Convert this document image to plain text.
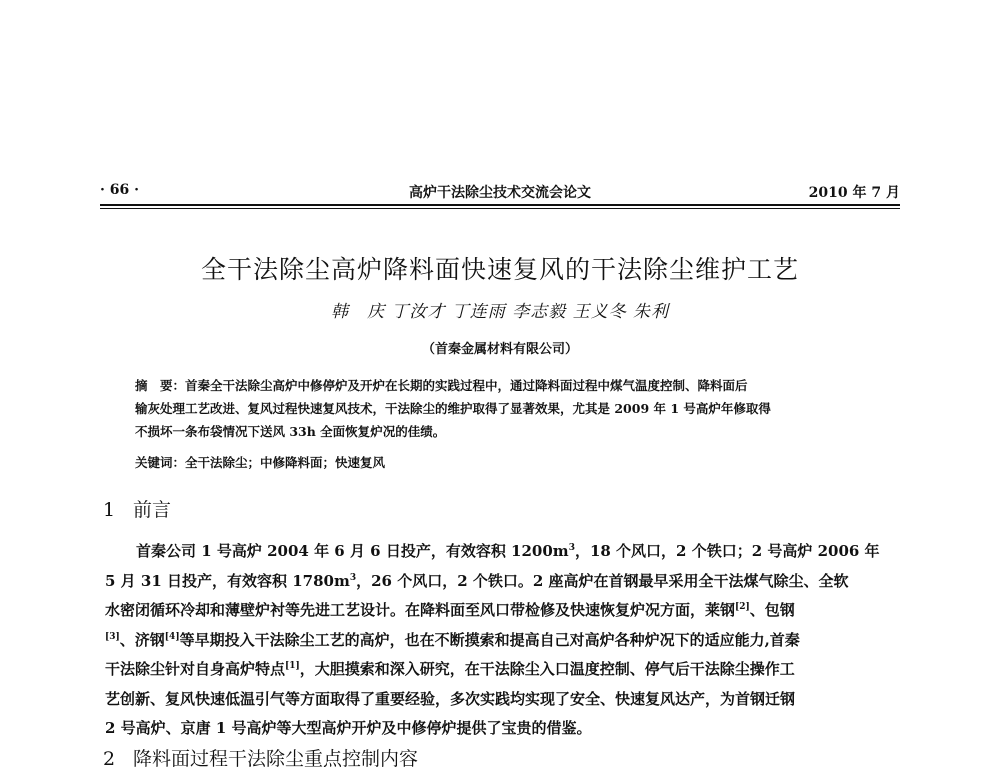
· 66 ·	高炉干法除尘技术交流会论文	2010 年 7 月
全干法除尘高炉降料面快速复风的干法除尘维护工艺
韩　庆 丁汝才 丁连雨 李志毅 王义冬 朱利
（首秦金属材料有限公司）
摘　要：首秦全干法除尘高炉中修停炉及开炉在长期的实践过程中，通过降料面过程中煤气温度控制、降料面后
输灰处理工艺改进、复风过程快速复风技术，干法除尘的维护取得了显著效果，尤其是 2009 年 1 号高炉年修取得
不损坏一条布袋情况下送风 33h 全面恢复炉况的佳绩。
关键词：全干法除尘；中修降料面；快速复风
1 前言
首秦公司 1 号高炉 2004 年 6 月 6 日投产，有效容积 $1200m^3$，18 个风口，2 个铁口；2 号高炉 2006 年
5 月 31 日投产，有效容积 $1780m^3$，26 个风口，2 个铁口。2 座高炉在首钢最早采用全干法煤气除尘、全软
水密闭循环冷却和薄壁炉衬等先进工艺设计。在降料面至风口带检修及快速恢复炉况方面，莱钢[2]、包钢
[3]、济钢[4]等早期投入干法除尘工艺的高炉，也在不断摸索和提高自己对高炉各种炉况下的适应能力,首秦
干法除尘针对自身高炉特点[1]，大胆摸索和深入研究，在干法除尘入口温度控制、停气后干法除尘操作工
艺创新、复风快速低温引气等方面取得了重要经验，多次实践均实现了安全、快速复风达产，为首钢迁钢
2 号高炉、京唐 1 号高炉等大型高炉开炉及中修停炉提供了宝贵的借鉴。
2 降料面过程干法除尘重点控制内容
